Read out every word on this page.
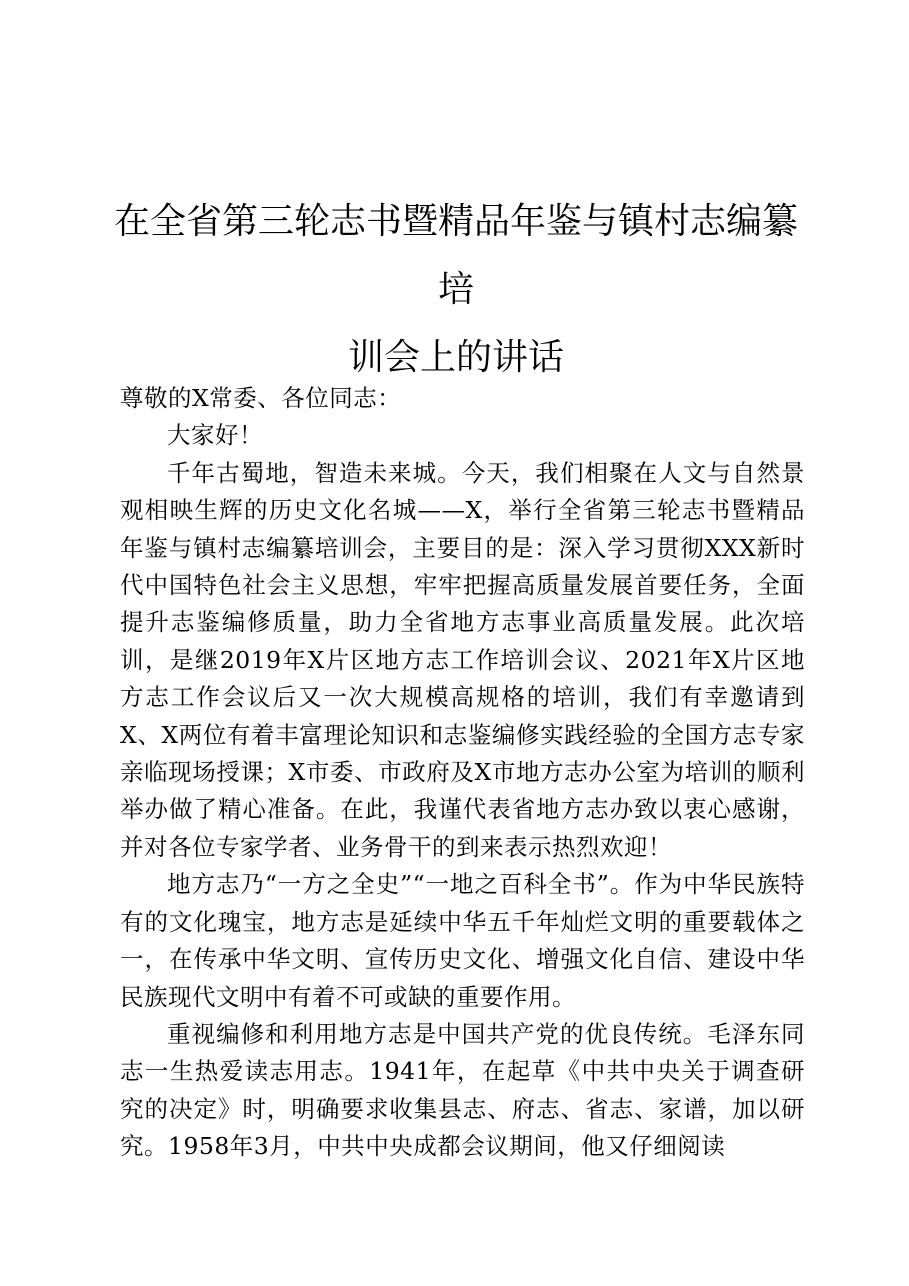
在全省第三轮志书暨精品年鉴与镇村志编纂培
训会上的讲话

尊敬的X常委、各位同志：

大家好！

千年古蜀地，智造未来城。今天，我们相聚在人文与自然景观相映生辉的历史文化名城——X，举行全省第三轮志书暨精品年鉴与镇村志编纂培训会，主要目的是：深入学习贯彻XXX新时代中国特色社会主义思想，牢牢把握高质量发展首要任务，全面提升志鉴编修质量，助力全省地方志事业高质量发展。此次培训，是继2019年X片区地方志工作培训会议、2021年X片区地方志工作会议后又一次大规模高规格的培训，我们有幸邀请到X、X两位有着丰富理论知识和志鉴编修实践经验的全国方志专家亲临现场授课；X市委、市政府及X市地方志办公室为培训的顺利举办做了精心准备。在此，我谨代表省地方志办致以衷心感谢，并对各位专家学者、业务骨干的到来表示热烈欢迎！

地方志乃“一方之全史”“一地之百科全书”。作为中华民族特有的文化瑰宝，地方志是延续中华五千年灿烂文明的重要载体之一，在传承中华文明、宣传历史文化、增强文化自信、建设中华民族现代文明中有着不可或缺的重要作用。

重视编修和利用地方志是中国共产党的优良传统。毛泽东同志一生热爱读志用志。1941年，在起草《中共中央关于调查研究的决定》时，明确要求收集县志、府志、省志、家谱，加以研究。1958年3月，中共中央成都会议期间，他又仔细阅读
